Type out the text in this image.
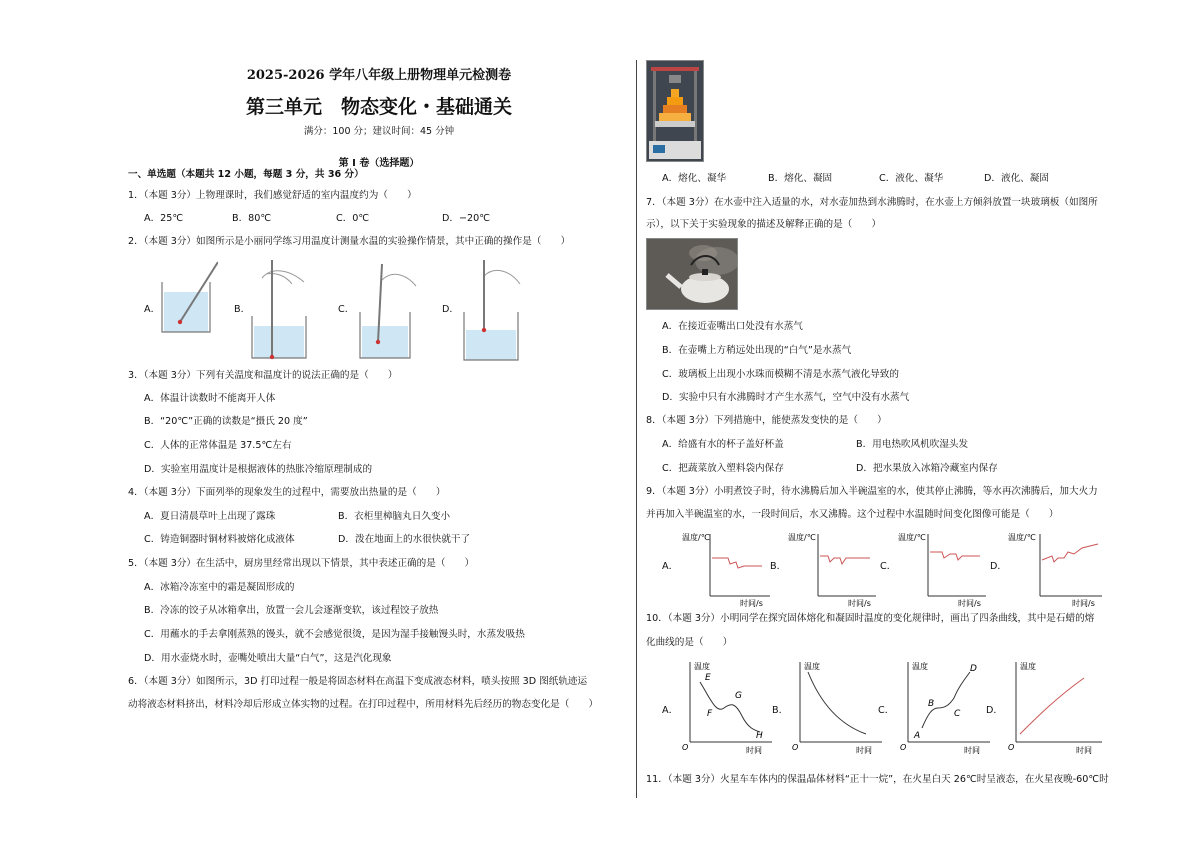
2025-2026 学年八年级上册物理单元检测卷
第三单元　物态变化・基础通关
满分：100 分；建议时间：45 分钟
第 I 卷（选择题）
一、单选题（本题共 12 小题，每题 3 分，共 36 分）
1．（本题 3分）上物理课时，我们感觉舒适的室内温度约为（　　）
A．25℃	B．80℃	C．0℃	D．−20℃
2．（本题 3分）如图所示是小丽同学练习用温度计测量水温的实验操作情景，其中正确的操作是（　　）
A．	B．	C．	D．
3．（本题 3分）下列有关温度和温度计的说法正确的是（　　）
A．体温计读数时不能离开人体
B．“20℃”正确的读数是“摄氏 20 度”
C．人体的正常体温是 37.5℃左右
D．实验室用温度计是根据液体的热胀冷缩原理制成的
4．（本题 3分）下面列举的现象发生的过程中，需要放出热量的是（　　）
A．夏日清晨草叶上出现了露珠	B．衣柜里樟脑丸日久变小
C．铸造铜器时铜材料被熔化成液体	D．泼在地面上的水很快就干了
5．（本题 3分）在生活中，厨房里经常出现以下情景，其中表述正确的是（　　）
A．冰箱冷冻室中的霜是凝固形成的
B．冷冻的饺子从冰箱拿出，放置一会儿会逐渐变软，该过程饺子放热
C．用蘸水的手去拿刚蒸熟的馒头，就不会感觉很烫，是因为湿手接触馒头时，水蒸发吸热
D．用水壶烧水时，壶嘴处喷出大量“白气”，这是汽化现象
6．（本题 3分）如图所示，3D 打印过程一般是将固态材料在高温下变成液态材料，喷头按照 3D 图纸轨迹运
动将液态材料挤出，材料冷却后形成立体实物的过程。在打印过程中，所用材料先后经历的物态变化是（　　）
A．熔化、凝华	B．熔化、凝固	C．液化、凝华	D．液化、凝固
7．（本题 3分）在水壶中注入适量的水，对水壶加热到水沸腾时，在水壶上方倾斜放置一块玻璃板（如图所
示），以下关于实验现象的描述及解释正确的是（　　）
A．在接近壶嘴出口处没有水蒸气
B．在壶嘴上方稍远处出现的“白气”是水蒸气
C．玻璃板上出现小水珠而模糊不清是水蒸气液化导致的
D．实验中只有水沸腾时才产生水蒸气，空气中没有水蒸气
8．（本题 3分）下列措施中，能使蒸发变快的是（　　）
A．给盛有水的杯子盖好杯盖	B．用电热吹风机吹湿头发
C．把蔬菜放入塑料袋内保存	D．把水果放入冰箱冷藏室内保存
9．（本题 3分）小明煮饺子时，待水沸腾后加入半碗温室的水，使其停止沸腾，等水再次沸腾后，加大火力
并再加入半碗温室的水，一段时间后，水又沸腾。这个过程中水温随时间变化图像可能是（　　）
A．	B．	C．	D．
温度/℃
时间/s
温度/℃
时间/s
温度/℃
时间/s
温度/℃
时间/s
10．（本题 3分）小明同学在探究固体熔化和凝固时温度的变化规律时，画出了四条曲线，其中是石蜡的熔
化曲线的是（　　）
A．	B．	C．	D．
温度
O	时间
E
F
G
H
温度
O	时间
温度
O	时间
A
B
C
D	温度
O	时间
11．（本题 3分）火星车车体内的保温晶体材料“正十一烷”，在火星白天 26℃时呈液态，在火星夜晚-60℃时
